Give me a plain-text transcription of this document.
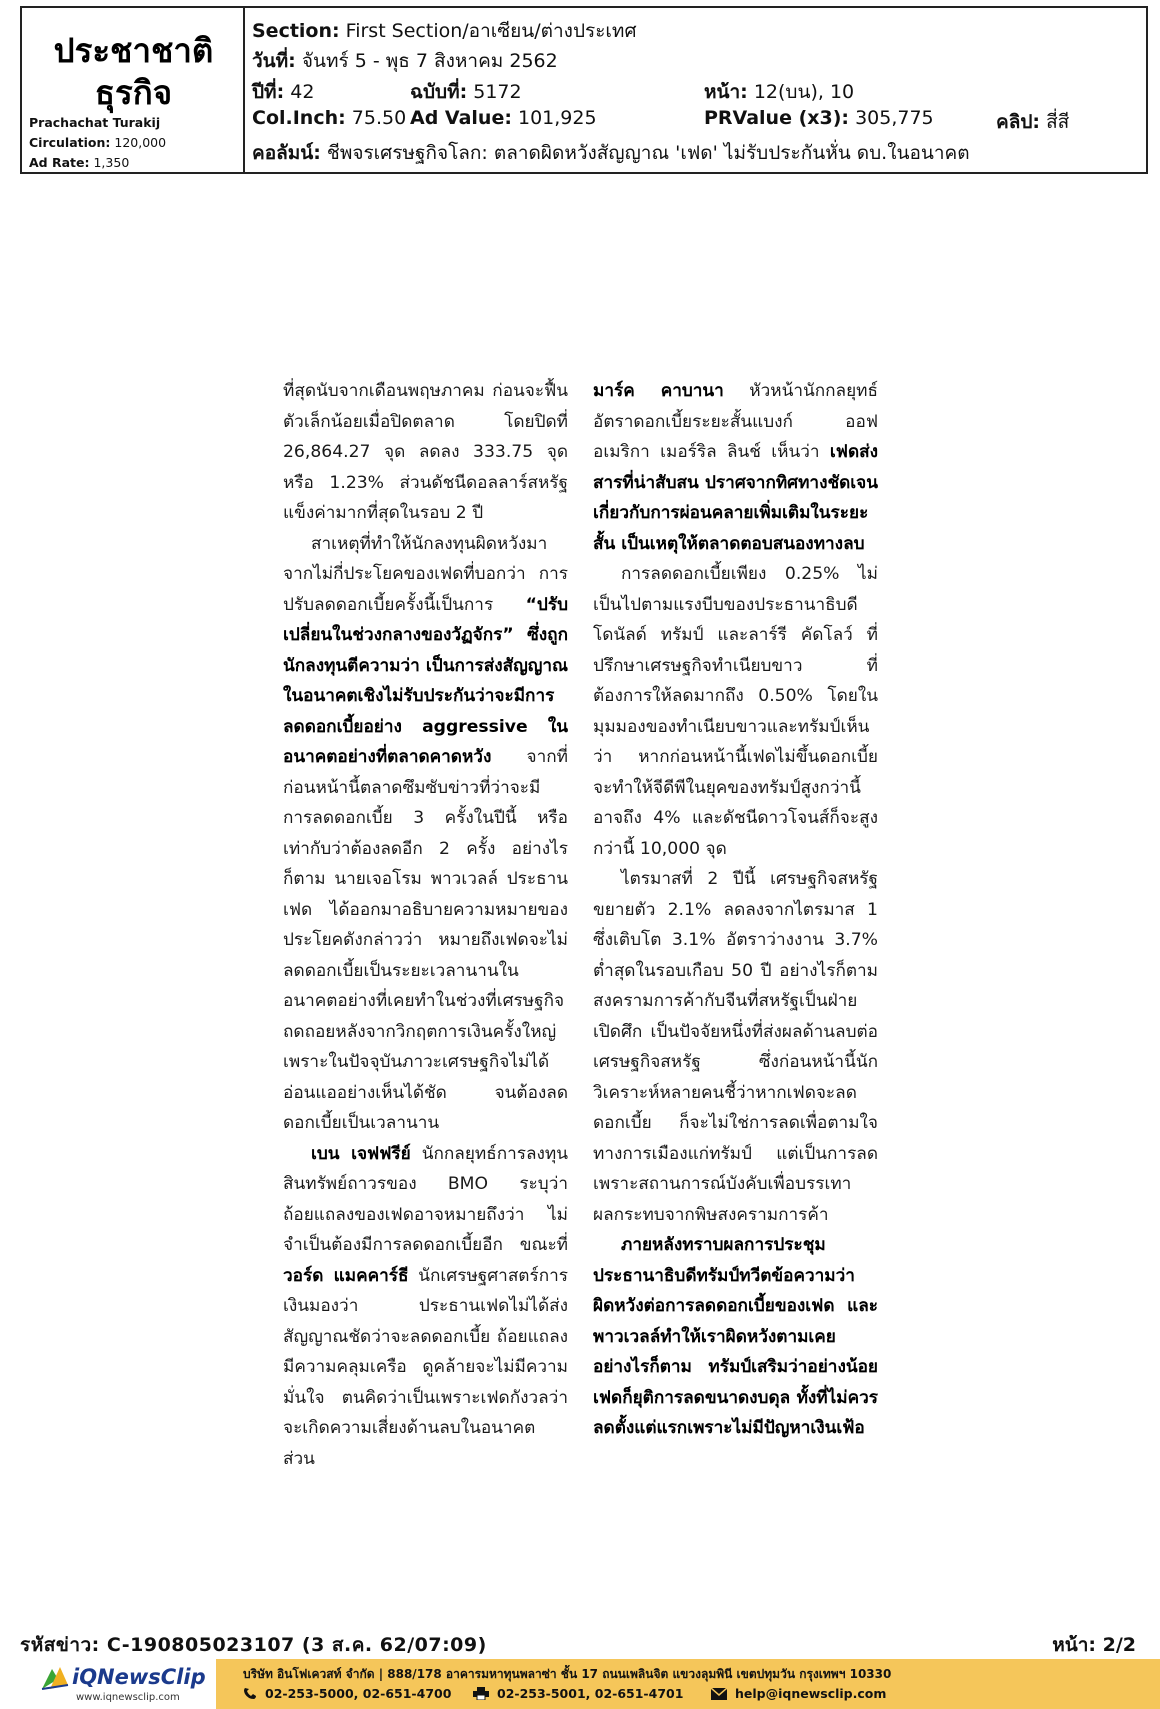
ประชาชาติ
ธุรกิจ
Prachachat Turakij
Circulation: 120,000
Ad Rate: 1,350
Section: First Section/อาเซียน/ต่างประเทศ
วันที่: จันทร์ 5 - พุธ 7 สิงหาคม 2562
ปีที่: 42	ฉบับที่: 5172	หน้า: 12(บน), 10
Col.Inch: 75.50 Ad Value: 101,925	PRValue (x3): 305,775	คลิป: สี่สี
คอลัมน์: ชีพจรเศรษฐกิจโลก: ตลาดผิดหวังสัญญาณ 'เฟด' ไม่รับประกันหั่น ดบ.ในอนาคต

ที่สุดนับจากเดือนพฤษภาคม ก่อนจะฟื้นตัวเล็กน้อยเมื่อปิดตลาด โดยปิดที่ 26,864.27 จุด ลดลง 333.75 จุด หรือ 1.23% ส่วนดัชนีดอลลาร์สหรัฐแข็งค่ามากที่สุดในรอบ 2 ปี

สาเหตุที่ทำให้นักลงทุนผิดหวังมาจากไม่กี่ประโยคของเฟดที่บอกว่า การปรับลดดอกเบี้ยครั้งนี้เป็นการ “ปรับเปลี่ยนในช่วงกลางของวัฏจักร” ซึ่งถูกนักลงทุนตีความว่า เป็นการส่งสัญญาณในอนาคตเชิงไม่รับประกันว่าจะมีการลดดอกเบี้ยอย่าง aggressive ในอนาคตอย่างที่ตลาดคาดหวัง จากที่ก่อนหน้านี้ตลาดซึมซับข่าวที่ว่าจะมีการลดดอกเบี้ย 3 ครั้งในปีนี้ หรือเท่ากับว่าต้องลดอีก 2 ครั้ง อย่างไรก็ตาม นายเจอโรม พาวเวลล์ ประธานเฟด ได้ออกมาอธิบายความหมายของประโยคดังกล่าวว่า หมายถึงเฟดจะไม่ลดดอกเบี้ยเป็นระยะเวลานานในอนาคตอย่างที่เคยทำในช่วงที่เศรษฐกิจถดถอยหลังจากวิกฤตการเงินครั้งใหญ่ เพราะในปัจจุบันภาวะเศรษฐกิจไม่ได้อ่อนแออย่างเห็นได้ชัด จนต้องลดดอกเบี้ยเป็นเวลานาน

เบน เจฟฟรีย์ นักกลยุทธ์การลงทุนสินทรัพย์ถาวรของ BMO ระบุว่า ถ้อยแถลงของเฟดอาจหมายถึงว่า ไม่จำเป็นต้องมีการลดดอกเบี้ยอีก ขณะที่ วอร์ด แมคคาร์ธี นักเศรษฐศาสตร์การเงินมองว่า ประธานเฟดไม่ได้ส่งสัญญาณชัดว่าจะลดดอกเบี้ย ถ้อยแถลงมีความคลุมเครือ ดูคล้ายจะไม่มีความมั่นใจ ตนคิดว่าเป็นเพราะเฟดกังวลว่าจะเกิดความเสี่ยงด้านลบในอนาคต ส่วน

มาร์ค คาบานา หัวหน้านักกลยุทธ์อัตราดอกเบี้ยระยะสั้นแบงก์ ออฟ อเมริกา เมอร์ริล ลินช์ เห็นว่า เฟดส่งสารที่น่าสับสน ปราศจากทิศทางชัดเจนเกี่ยวกับการผ่อนคลายเพิ่มเติมในระยะสั้น เป็นเหตุให้ตลาดตอบสนองทางลบ

การลดดอกเบี้ยเพียง 0.25% ไม่เป็นไปตามแรงบีบของประธานาธิบดีโดนัลด์ ทรัมป์ และลาร์รี คัดโลว์ ที่ปรึกษาเศรษฐกิจทำเนียบขาว ที่ต้องการให้ลดมากถึง 0.50% โดยในมุมมองของทำเนียบขาวและทรัมป์เห็นว่า หากก่อนหน้านี้เฟดไม่ขึ้นดอกเบี้ย จะทำให้จีดีพีในยุคของทรัมป์สูงกว่านี้ อาจถึง 4% และดัชนีดาวโจนส์ก็จะสูงกว่านี้ 10,000 จุด

ไตรมาสที่ 2 ปีนี้ เศรษฐกิจสหรัฐขยายตัว 2.1% ลดลงจากไตรมาส 1 ซึ่งเติบโต 3.1% อัตราว่างงาน 3.7% ต่ำสุดในรอบเกือบ 50 ปี อย่างไรก็ตาม สงครามการค้ากับจีนที่สหรัฐเป็นฝ่ายเปิดศึก เป็นปัจจัยหนึ่งที่ส่งผลด้านลบต่อเศรษฐกิจสหรัฐ ซึ่งก่อนหน้านี้นักวิเคราะห์หลายคนชี้ว่าหากเฟดจะลดดอกเบี้ย ก็จะไม่ใช่การลดเพื่อตามใจทางการเมืองแก่ทรัมป์ แต่เป็นการลดเพราะสถานการณ์บังคับเพื่อบรรเทาผลกระทบจากพิษสงครามการค้า

ภายหลังทราบผลการประชุม ประธานาธิบดีทรัมป์ทวีตข้อความว่า ผิดหวังต่อการลดดอกเบี้ยของเฟด และพาวเวลล์ทำให้เราผิดหวังตามเคย อย่างไรก็ตาม ทรัมป์เสริมว่าอย่างน้อยเฟดก็ยุติการลดขนาดงบดุล ทั้งที่ไม่ควรลดตั้งแต่แรกเพราะไม่มีปัญหาเงินเฟ้อ

รหัสข่าว: C-190805023107 (3 ส.ค. 62/07:09)	หน้า: 2/2
iQNewsClip
www.iqnewsclip.com
บริษัท อินโฟเควสท์ จำกัด | 888/178 อาคารมหาทุนพลาซ่า ชั้น 17 ถนนเพลินจิต แขวงลุมพินี เขตปทุมวัน กรุงเทพฯ 10330
02-253-5000, 02-651-4700	02-253-5001, 02-651-4701	help@iqnewsclip.com
